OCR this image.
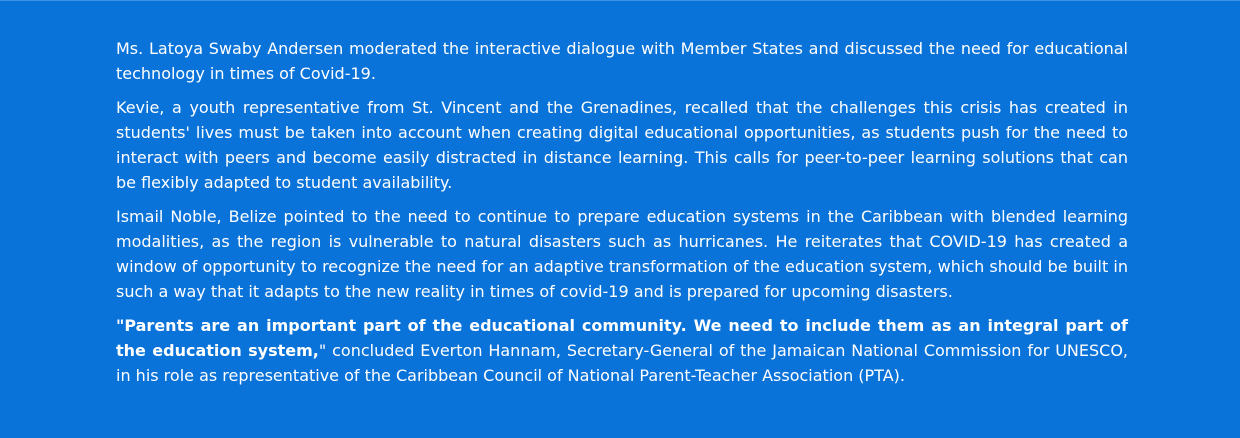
Ms. Latoya Swaby Andersen moderated the interactive dialogue with Member States and discussed the need for educational technology in times of Covid-19.

Kevie, a youth representative from St. Vincent and the Grenadines, recalled that the challenges this crisis has created in students' lives must be taken into account when creating digital educational opportunities, as students push for the need to interact with peers and become easily distracted in distance learning. This calls for peer-to-peer learning solutions that can be flexibly adapted to student availability.

Ismail Noble, Belize pointed to the need to continue to prepare education systems in the Caribbean with blended learning modalities, as the region is vulnerable to natural disasters such as hurricanes. He reiterates that COVID-19 has created a window of opportunity to recognize the need for an adaptive transformation of the education system, which should be built in such a way that it adapts to the new reality in times of covid-19 and is prepared for upcoming disasters.

"Parents are an important part of the educational community. We need to include them as an integral part of the education system," concluded Everton Hannam, Secretary-General of the Jamaican National Commission for UNESCO, in his role as representative of the Caribbean Council of National Parent-Teacher Association (PTA).
